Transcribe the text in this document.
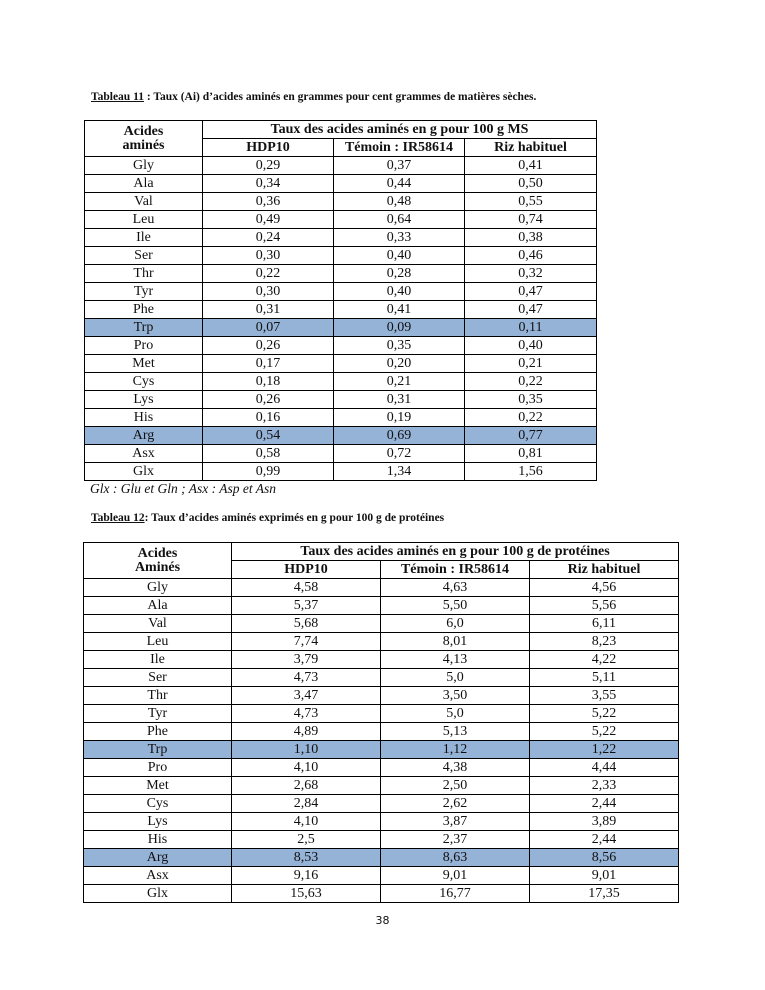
Tableau 11 : Taux (Ai) d’acides aminés en grammes pour cent grammes de matières sèches.
Acides
aminés	Taux des acides aminés en g pour 100 g MS		
	HDP10	Témoin : IR58614	Riz habituel
Gly	0,29	0,37	0,41
Ala	0,34	0,44	0,50
Val	0,36	0,48	0,55
Leu	0,49	0,64	0,74
Ile	0,24	0,33	0,38
Ser	0,30	0,40	0,46
Thr	0,22	0,28	0,32
Tyr	0,30	0,40	0,47
Phe	0,31	0,41	0,47
Trp	0,07	0,09	0,11
Pro	0,26	0,35	0,40
Met	0,17	0,20	0,21
Cys	0,18	0,21	0,22
Lys	0,26	0,31	0,35
His	0,16	0,19	0,22
Arg	0,54	0,69	0,77
Asx	0,58	0,72	0,81
Glx	0,99	1,34	1,56
Glx : Glu et Gln ; Asx : Asp et Asn
Tableau 12: Taux d’acides aminés exprimés en g pour 100 g de protéines
Acides
Aminés	Taux des acides aminés en g pour 100 g de protéines		
	HDP10	Témoin : IR58614	Riz habituel
Gly	4,58	4,63	4,56
Ala	5,37	5,50	5,56
Val	5,68	6,0	6,11
Leu	7,74	8,01	8,23
Ile	3,79	4,13	4,22
Ser	4,73	5,0	5,11
Thr	3,47	3,50	3,55
Tyr	4,73	5,0	5,22
Phe	4,89	5,13	5,22
Trp	1,10	1,12	1,22
Pro	4,10	4,38	4,44
Met	2,68	2,50	2,33
Cys	2,84	2,62	2,44
Lys	4,10	3,87	3,89
His	2,5	2,37	2,44
Arg	8,53	8,63	8,56
Asx	9,16	9,01	9,01
Glx	15,63	16,77	17,35
38
